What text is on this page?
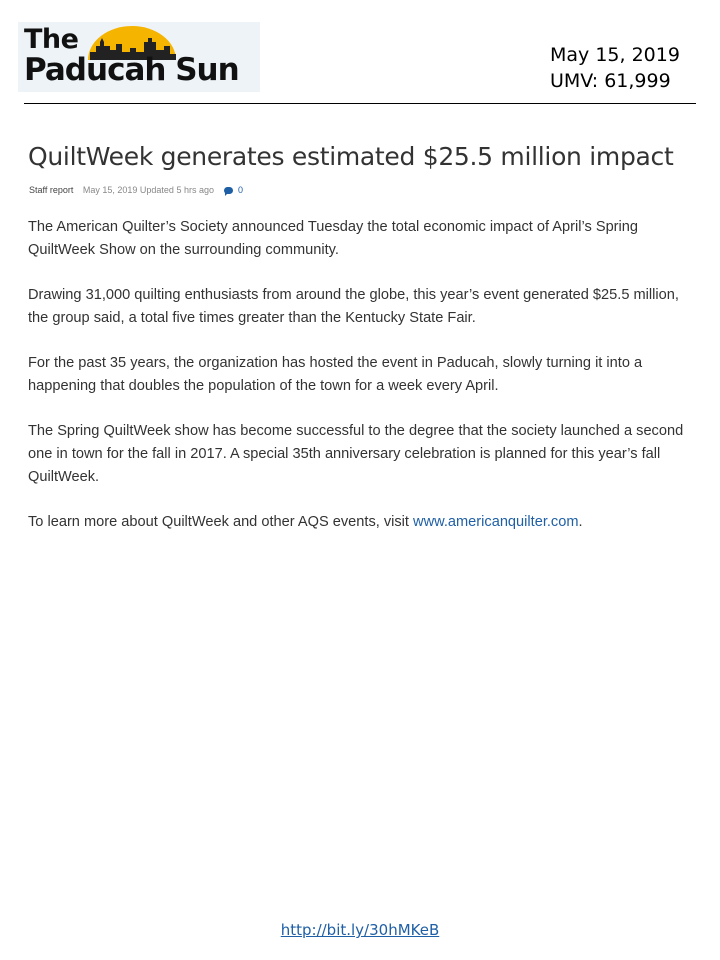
The
Paducah Sun	May 15, 2019
UMV: 61,999
QuiltWeek generates estimated $25.5 million impact
Staff report May 15, 2019 Updated 5 hrs ago	0

The American Quilter’s Society announced Tuesday the total economic impact of April’s Spring QuiltWeek Show on the surrounding community.

Drawing 31,000 quilting enthusiasts from around the globe, this year’s event generated $25.5 million, the group said, a total five times greater than the Kentucky State Fair.

For the past 35 years, the organization has hosted the event in Paducah, slowly turning it into a happening that doubles the population of the town for a week every April.

The Spring QuiltWeek show has become successful to the degree that the society launched a second one in town for the fall in 2017. A special 35th anniversary celebration is planned for this year’s fall QuiltWeek.

To learn more about QuiltWeek and other AQS events, visit www.americanquilter.com.

http://bit.ly/30hMKeB
